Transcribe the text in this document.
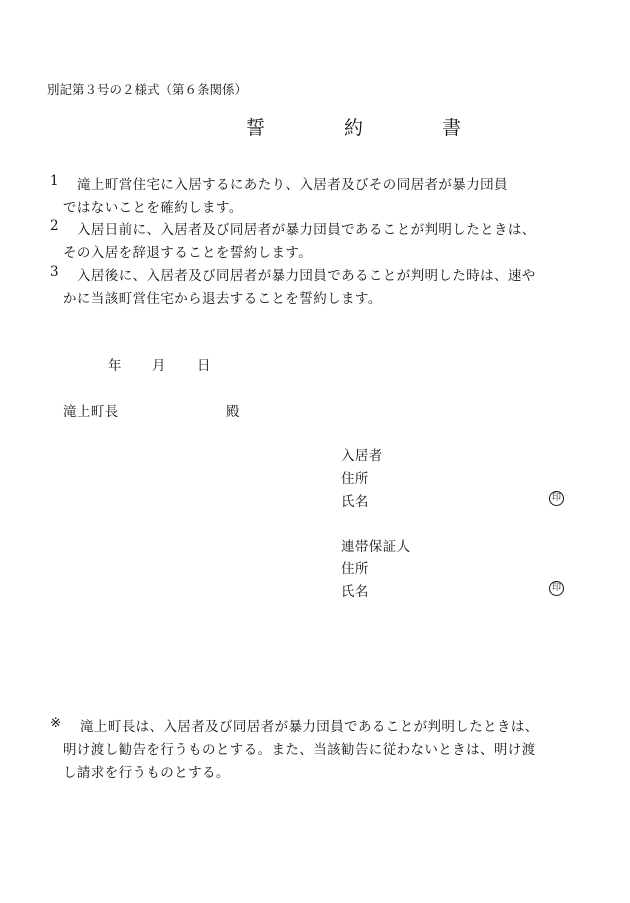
別記第３号の２様式（第６条関係）
誓　約　書
1 滝上町営住宅に入居するにあたり、入居者及びその同居者が暴力団員
ではないことを確約します。
2 入居日前に、入居者及び同居者が暴力団員であることが判明したときは、
その入居を辞退することを誓約します。
3 入居後に、入居者及び同居者が暴力団員であることが判明した時は、速や
かに当該町営住宅から退去することを誓約します。
年 月 日
滝上町長	殿
入居者
住所
氏名	印
連帯保証人
住所
氏名	印
※ 滝上町長は、入居者及び同居者が暴力団員であることが判明したときは、
明け渡し勧告を行うものとする。また、当該勧告に従わないときは、明け渡
し請求を行うものとする。
